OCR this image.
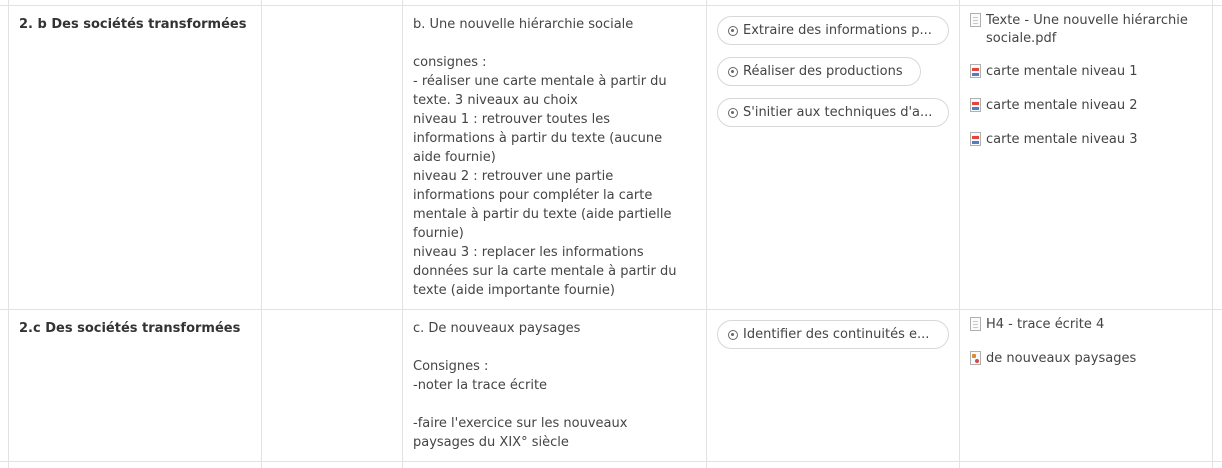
2. b Des sociétés transformées	b. Une nouvelle hiérarchie sociale

consignes :
- réaliser une carte mentale à partir du texte. 3 niveaux au choix
niveau 1 : retrouver toutes les informations à partir du texte (aucune aide fournie)
niveau 2 : retrouver une partie informations pour compléter la carte mentale à partir du texte (aide partielle fournie)
niveau 3 : replacer les informations données sur la carte mentale à partir du texte (aide importante fournie)
Extraire des informations p...
Réaliser des productions
S'initier aux techniques d'a...
Texte - Une nouvelle hiérarchie sociale.pdf
carte mentale niveau 1
carte mentale niveau 2
carte mentale niveau 3
2.c Des sociétés transformées	c. De nouveaux paysages

Consignes :
-noter la trace écrite

-faire l'exercice sur les nouveaux paysages du XIX° siècle
Identifier des continuités e...
H4 - trace écrite 4
de nouveaux paysages
